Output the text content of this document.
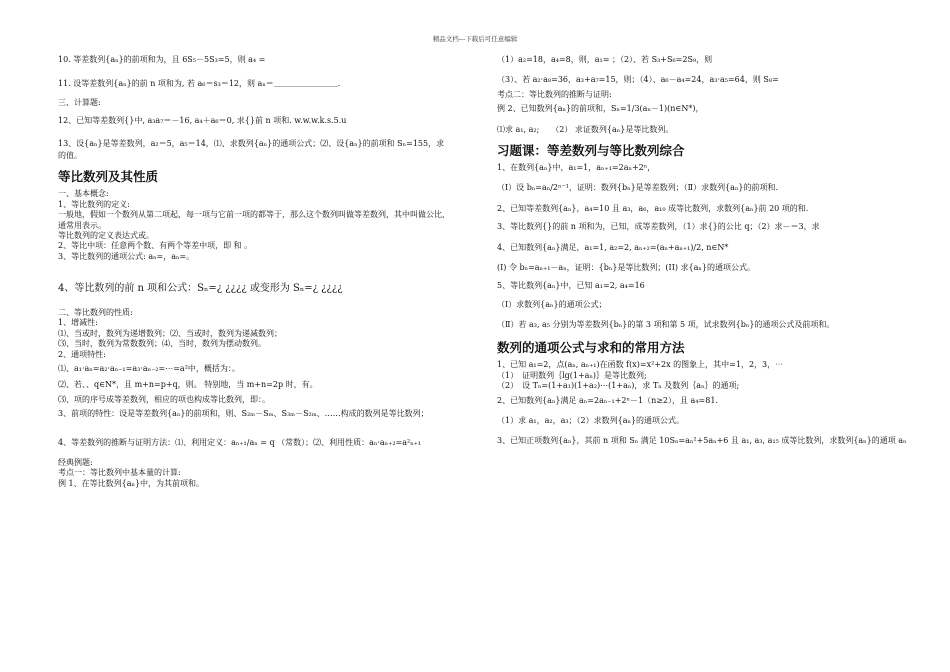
精品文档---下载后可任意编辑
10. 等差数列{aₙ}的前项和为，且 6S₅－5S₃=5，则 a₄ =
11. 设等差数列{aₙ}的前 n 项和为, 若 a₆＝s₃＝12，则 aₙ＝＿＿＿＿＿＿＿＿．
三、计算题:
12、已知等差数列{}中, a₃a₇＝－16, a₄＋a₆＝0, 求{}前 n 项和. w.w.w.k.s.5.u
13、设{aₙ}是等差数列，a₂＝5，a₅＝14，⑴、求数列{aₙ}的通项公式；⑵、设{aₙ}的前项和 Sₙ=155，求
的值。
等比数列及其性质
一、基本概念:
1、等比数列的定义:
一般地，假如一个数列从第二项起，每一项与它前一项的都等于，那么这个数列叫做等差数列，其中叫做公比，
通常用表示。
等比数列的定义表达式或。
2、等比中项：任意两个数、有两个等差中项，即 和 。
3、等比数列的通项公式: aₙ=，aₙ=。
4、等比数列的前 n 项和公式：Sₙ=¿ ¿¿¿¿ 或变形为 Sₙ=¿ ¿¿¿¿
二、等比数列的性质:
1、增减性:
⑴、当或时，数列为递增数列；⑵、当或时，数列为递减数列；
⑶、当时，数列为常数数列；⑷、当时，数列为摆动数列。
2、通项特性:
⑴、a₁·aₙ=a₂·aₙ₋₁=a₃·aₙ₋₂=⋯=a²中，概括为：。
⑵、若、、q∈N*，且 m+n=p+q，则。 特别地，当 m+n=2p 时，有。
⑶、项的序号成等差数列，相应的项也构成等比数列，即：。
3、前项的特性：设是等差数列{aₙ}的前项和，则、S₂ₘ－Sₘ、S₃ₘ－S₂ₘ、……构成的数列是等比数列；
4、等差数列的推断与证明方法：⑴、利用定义：aₙ₊₁/aₙ = q （常数）；⑵、利用性质：aₙ·aₙ₊₂=a²ₙ₊₁
经典例题:
考点一：等比数列中基本量的计算:
例 1、在等比数列{aₙ}中，为其前项和。
（1）a₂=18，a₄=8，则，a₁= ；（2）、若 S₃+S₆=2S₉，则
（3）、若 a₂·a₈=36，a₃+a₇=15，则；（4）、a₆－a₄=24，a₃·a₅=64，则 S₈=
考点二：等比数列的推断与证明:
例 2、已知数列{aₙ}的前项和，Sₙ=1/3(aₙ－1)(n∈N*)，
⑴求 a₁, a₂;　　（2） 求证数列{aₙ}是等比数列。
习题课：等差数列与等比数列综合
1、在数列{aₙ}中，a₁=1，aₙ₊₁=2aₙ+2ⁿ，
（Ⅰ）设 bₙ=aₙ/2ⁿ⁻¹，证明：数列{bₙ}是等差数列；（Ⅱ）求数列{aₙ}的前项和.
2、已知等差数列{aₙ}，a₄=10 且 a₃，a₆，a₁₀ 成等比数列，求数列{aₙ}前 20 项的和.
3、等比数列{}的前 n 项和为，已知，成等差数列，（1）求{}的公比 q；（2）求－＝3，求
4、已知数列{aₙ}满足，a₁=1, a₂=2, aₙ₊₂=(aₙ+aₙ₊₁)/2, n∈N*
(I) 令 bₙ=aₙ₊₁－aₙ，证明：{bₙ}是等比数列；(II) 求{aₙ}的通项公式。
5、等比数列{aₙ}中，已知 a₁=2, a₄=16
（I）求数列{aₙ}的通项公式；
（Ⅱ）若 a₃, a₅ 分别为等差数列{bₙ}的第 3 项和第 5 项，试求数列{bₙ}的通项公式及前项和。
数列的通项公式与求和的常用方法
1、已知 a₁=2，点(aₙ, aₙ₊₁)在函数 f(x)=x²+2x 的图象上，其中=1，2，3，⋯
（1）　证明数列｛lg(1+aₙ)｝是等比数列;
（2）　设 Tₙ=(1+a₁)(1+a₂)⋯(1+aₙ)，求 Tₙ 及数列｛aₙ｝的通项;
2、已知数列{aₙ}满足 aₙ=2aₙ₋₁+2ⁿ－1（n≥2），且 a₄=81.
（1）求 a₁，a₂，a₃；（2）求数列{aₙ}的通项公式。
3、已知正项数列{aₙ}，其前 n 项和 Sₙ 满足 10Sₙ=aₙ²+5aₙ+6 且 a₁, a₃, a₁₅ 成等比数列，求数列{aₙ}的通项 aₙ
